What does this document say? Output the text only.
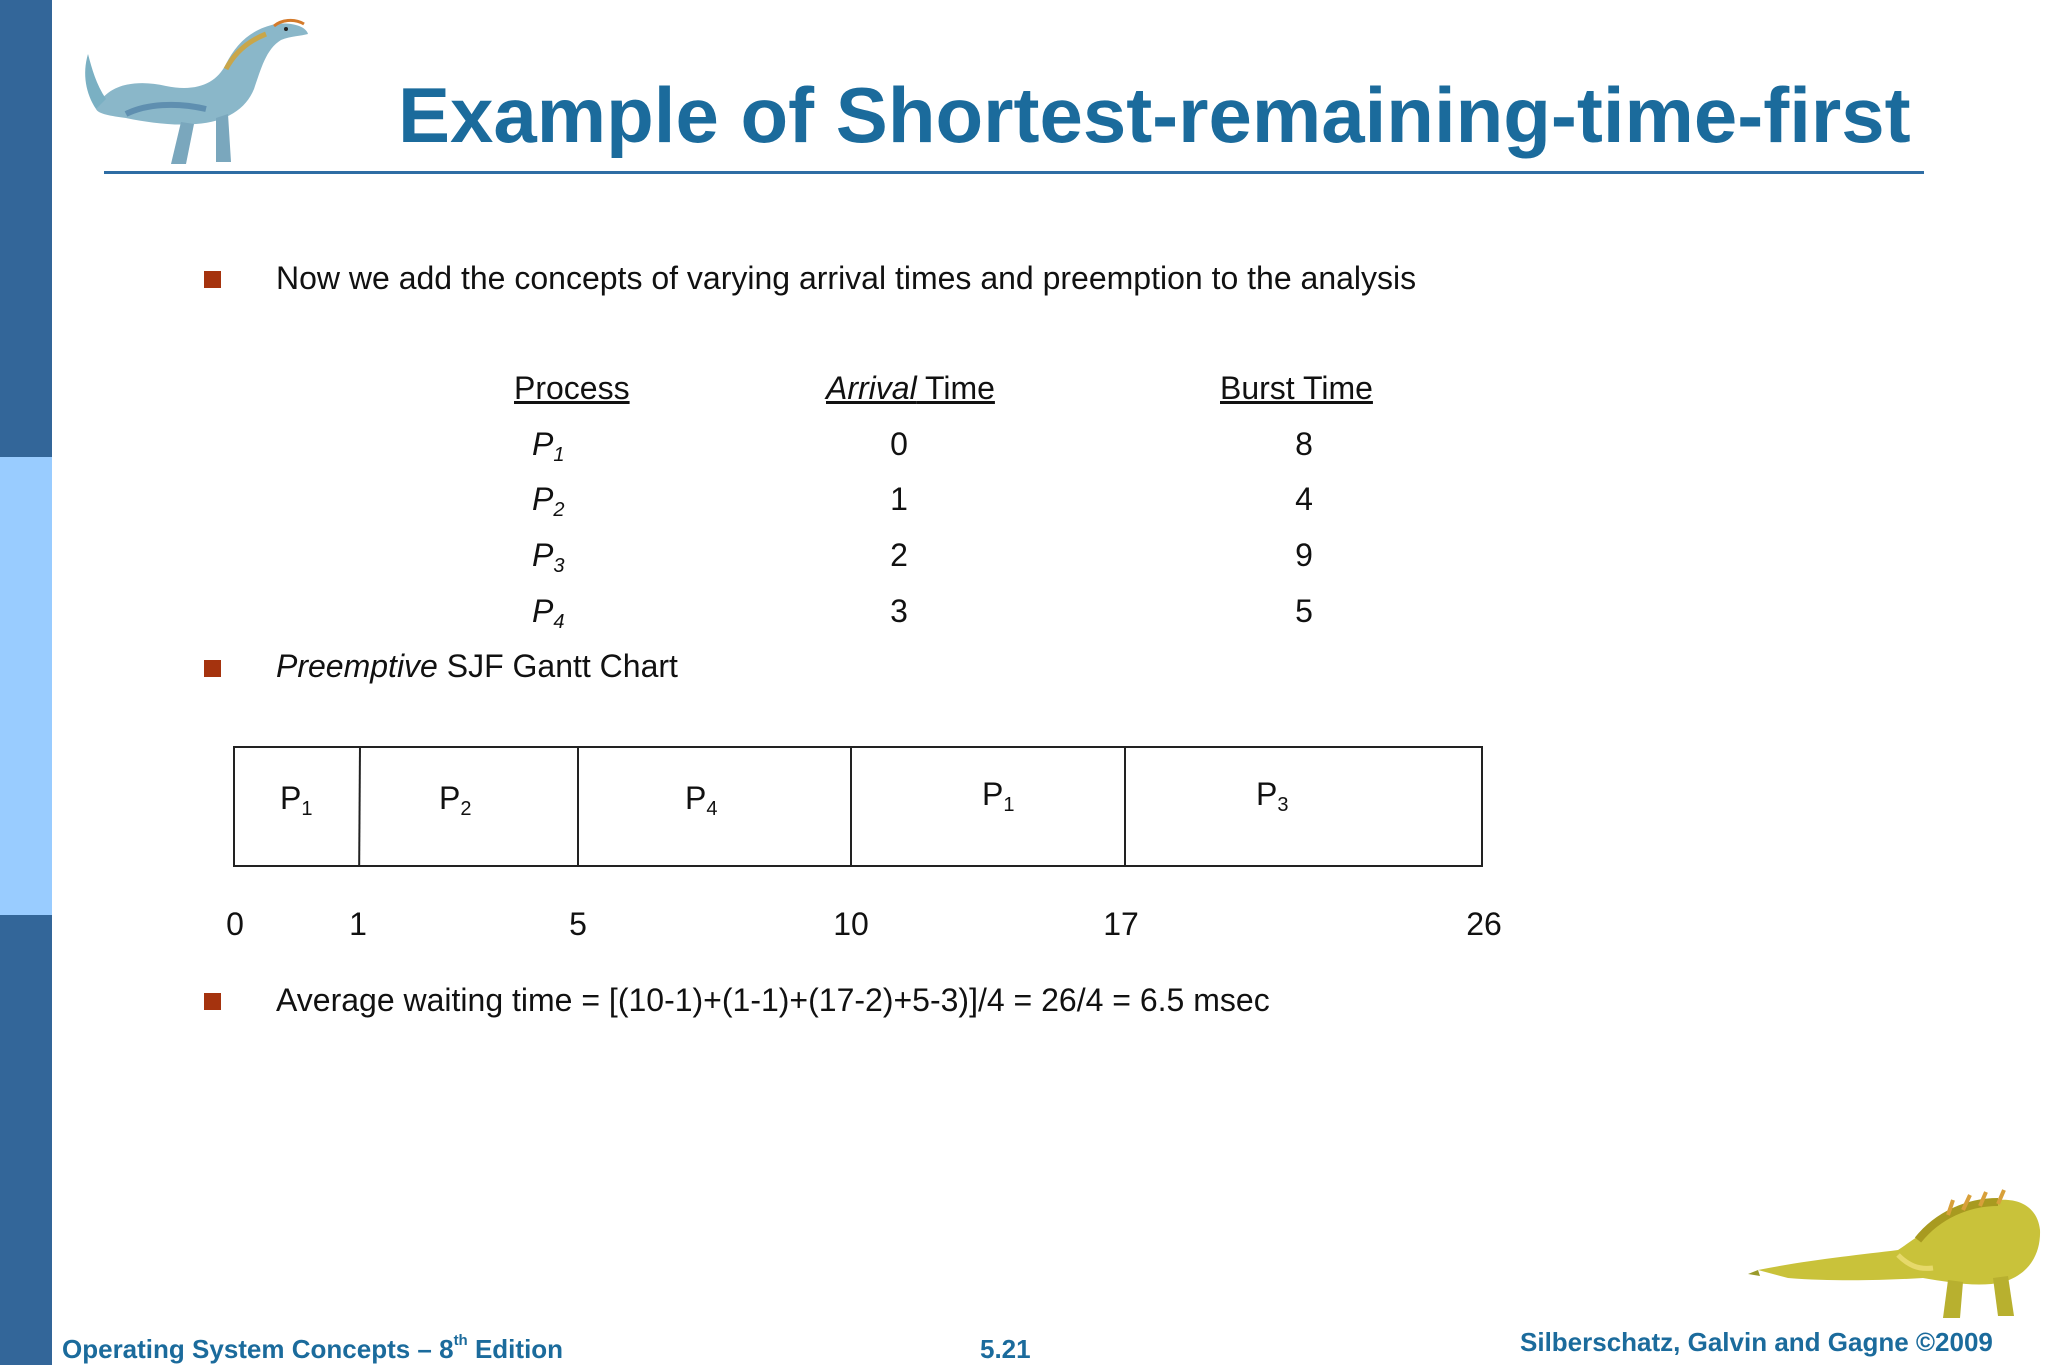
Example of Shortest-remaining-time-first
Now we add the concepts of varying arrival times and preemption to the analysis
Process	Arrival Time	Burst Time
$P_1$	0	8
$P_2$	1	4
$P_3$	2	9
$P_4$	3	5
Preemptive SJF Gantt Chart
$P_1$	$P_2$	$P_4$	$P_1$	$P_3$
0	1	5	10	17	26
Average waiting time = [(10-1)+(1-1)+(17-2)+5-3)]/4 = 26/4 = 6.5 msec
Operating System Concepts – 8th Edition	5.21	Silberschatz, Galvin and Gagne ©2009
